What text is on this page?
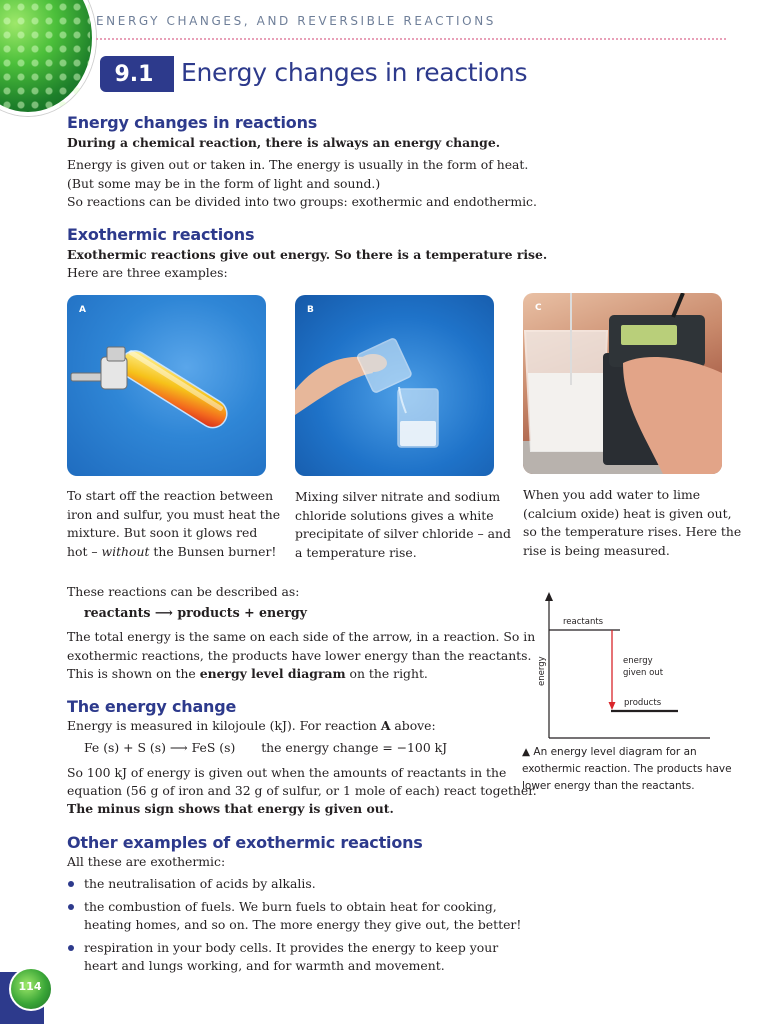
ENERGY CHANGES, AND REVERSIBLE REACTIONS
9.1	Energy changes in reactions
Energy changes in reactions
During a chemical reaction, there is always an energy change.
Energy is given out or taken in. The energy is usually in the form of heat.
(But some may be in the form of light and sound.)
So reactions can be divided into two groups: exothermic and endothermic.
Exothermic reactions
Exothermic reactions give out energy. So there is a temperature rise.
Here are three examples:
A	B	C
To start off the reaction between
iron and sulfur, you must heat the
mixture. But soon it glows red
hot – without the Bunsen burner!
Mixing silver nitrate and sodium
chloride solutions gives a white
precipitate of silver chloride – and
a temperature rise.
When you add water to lime
(calcium oxide) heat is given out,
so the temperature rises. Here the
rise is being measured.
These reactions can be described as:
reactants ⟶ products + energy
The total energy is the same on each side of the arrow, in a reaction. So in
exothermic reactions, the products have lower energy than the reactants.
This is shown on the energy level diagram on the right.
The energy change
Energy is measured in kilojoule (kJ). For reaction A above:
Fe (s) + S (s) ⟶ FeS (s) the energy change = −100 kJ
So 100 kJ of energy is given out when the amounts of reactants in the
equation (56 g of iron and 32 g of sulfur, or 1 mole of each) react together.
The minus sign shows that energy is given out.
Other examples of exothermic reactions
All these are exothermic:
the neutralisation of acids by alkalis.
the combustion of fuels. We burn fuels to obtain heat for cooking,
heating homes, and so on. The more energy they give out, the better!
respiration in your body cells. It provides the energy to keep your
heart and lungs working, and for warmth and movement.
energy
reactants
products
energy
given out
▲ An energy level diagram for an
exothermic reaction. The products have
lower energy than the reactants.
114
